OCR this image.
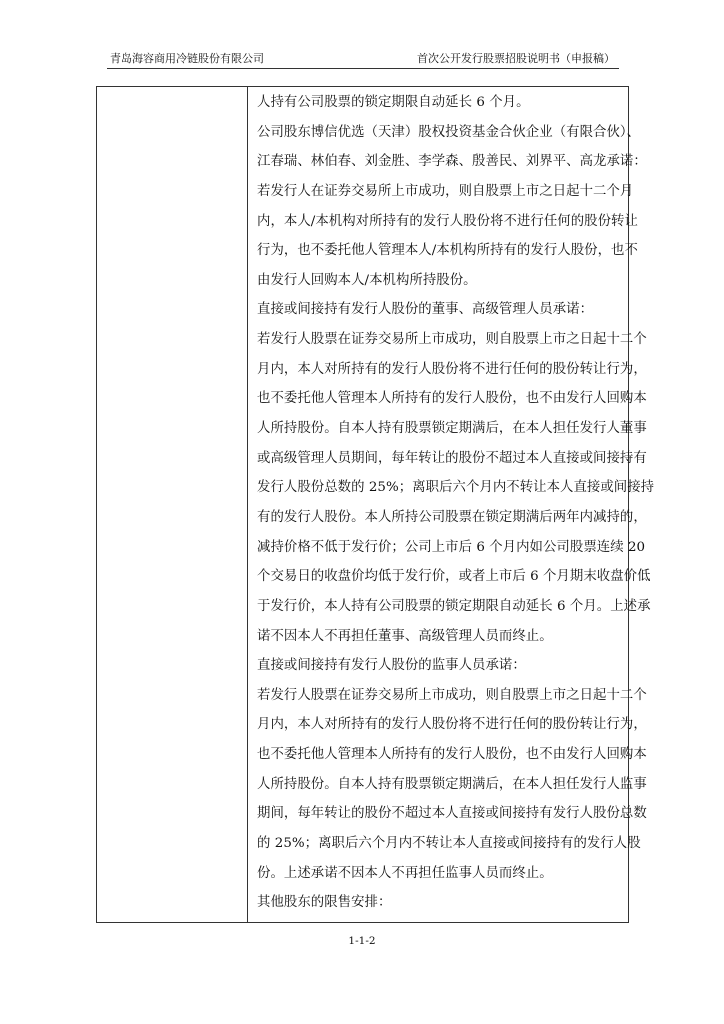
青岛海容商用冷链股份有限公司	首次公开发行股票招股说明书（申报稿）
人持有公司股票的锁定期限自动延长 6 个月。
公司股东博信优选（天津）股权投资基金合伙企业（有限合伙）、
江春瑞、林伯春、刘金胜、李学森、殷善民、刘界平、高龙承诺：
若发行人在证券交易所上市成功，则自股票上市之日起十二个月
内，本人/本机构对所持有的发行人股份将不进行任何的股份转让
行为，也不委托他人管理本人/本机构所持有的发行人股份，也不
由发行人回购本人/本机构所持股份。
直接或间接持有发行人股份的董事、高级管理人员承诺：
若发行人股票在证券交易所上市成功，则自股票上市之日起十二个
月内，本人对所持有的发行人股份将不进行任何的股份转让行为，
也不委托他人管理本人所持有的发行人股份，也不由发行人回购本
人所持股份。自本人持有股票锁定期满后，在本人担任发行人董事
或高级管理人员期间，每年转让的股份不超过本人直接或间接持有
发行人股份总数的 25%；离职后六个月内不转让本人直接或间接持
有的发行人股份。本人所持公司股票在锁定期满后两年内减持的，
减持价格不低于发行价；公司上市后 6 个月内如公司股票连续 20
个交易日的收盘价均低于发行价，或者上市后 6 个月期末收盘价低
于发行价，本人持有公司股票的锁定期限自动延长 6 个月。上述承
诺不因本人不再担任董事、高级管理人员而终止。
直接或间接持有发行人股份的监事人员承诺：
若发行人股票在证券交易所上市成功，则自股票上市之日起十二个
月内，本人对所持有的发行人股份将不进行任何的股份转让行为，
也不委托他人管理本人所持有的发行人股份，也不由发行人回购本
人所持股份。自本人持有股票锁定期满后，在本人担任发行人监事
期间，每年转让的股份不超过本人直接或间接持有发行人股份总数
的 25%；离职后六个月内不转让本人直接或间接持有的发行人股
份。上述承诺不因本人不再担任监事人员而终止。
其他股东的限售安排：
1-1-2
